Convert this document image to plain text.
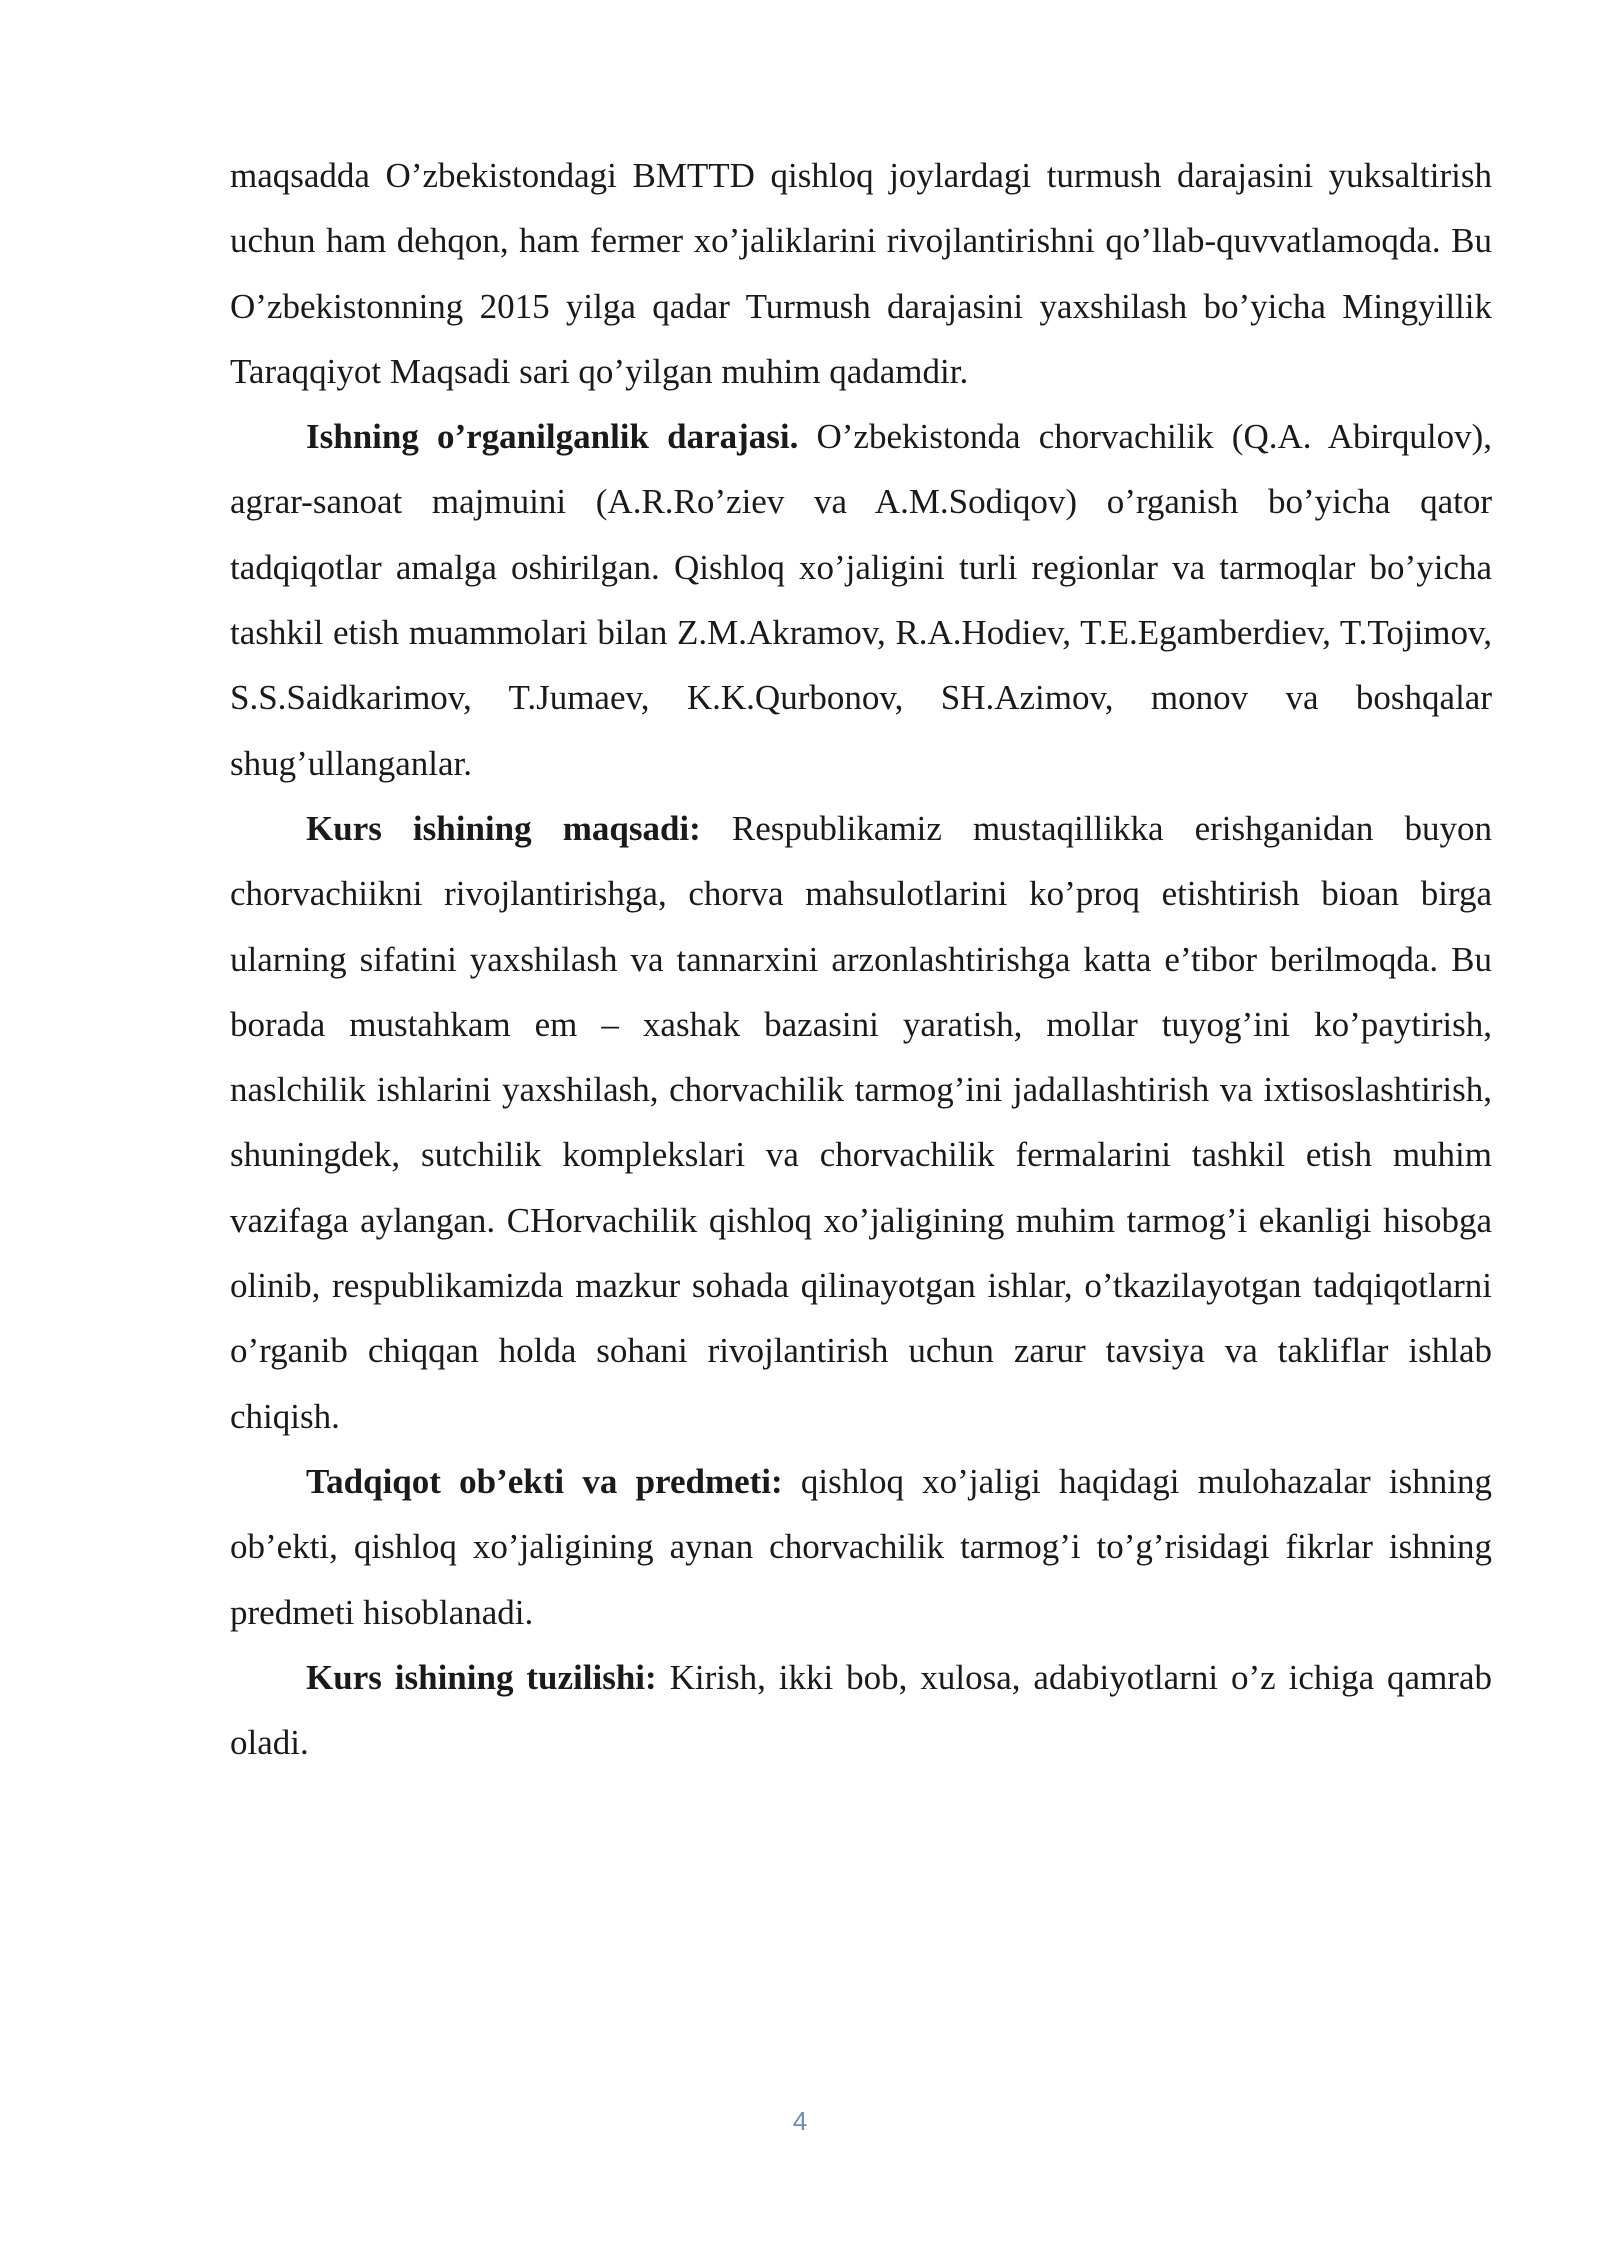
maqsadda O’zbekistondagi BMTTD qishloq joylardagi turmush darajasini yuksaltirish uchun ham dehqon, ham fermer xo’jaliklarini rivojlantirishni qo’llab-quvvatlamoqda. Bu O’zbekistonning 2015 yilga qadar Turmush darajasini yaxshilash bo’yicha Mingyillik Taraqqiyot Maqsadi sari qo’yilgan muhim qadamdir.

Ishning o’rganilganlik darajasi. O’zbekistonda chorvachilik (Q.A. Abirqulov), agrar-sanoat majmuini (A.R.Ro’ziev va A.M.Sodiqov) o’rganish bo’yicha qator tadqiqotlar amalga oshirilgan. Qishloq xo’jaligini turli regionlar va tarmoqlar bo’yicha tashkil etish muammolari bilan Z.M.Akramov, R.A.Hodiev, T.E.Egamberdiev, T.Tojimov, S.S.Saidkarimov, T.Jumaev, K.K.Qurbonov, SH.Azimov, monov va boshqalar shug’ullanganlar.

Kurs ishining maqsadi: Respublikamiz mustaqillikka erishganidan buyon chorvachiikni rivojlantirishga, chorva mahsulotlarini ko’proq etishtirish bioan birga ularning sifatini yaxshilash va tannarxini arzonlashtirishga katta e’tibor berilmoqda. Bu borada mustahkam em – xashak bazasini yaratish, mollar tuyog’ini ko’paytirish, naslchilik ishlarini yaxshilash, chorvachilik tarmog’ini jadallashtirish va ixtisoslashtirish, shuningdek, sutchilik komplekslari va chorvachilik fermalarini tashkil etish muhim vazifaga aylangan. CHorvachilik qishloq xo’jaligining muhim tarmog’i ekanligi hisobga olinib, respublikamizda mazkur sohada qilinayotgan ishlar, o’tkazilayotgan tadqiqotlarni o’rganib chiqqan holda sohani rivojlantirish uchun zarur tavsiya va takliflar ishlab chiqish.

Tadqiqot ob’ekti va predmeti: qishloq xo’jaligi haqidagi mulohazalar ishning ob’ekti, qishloq xo’jaligining aynan chorvachilik tarmog’i to’g’risidagi fikrlar ishning predmeti hisoblanadi.

Kurs ishining tuzilishi: Kirish, ikki bob, xulosa, adabiyotlarni o’z ichiga qamrab oladi.

4
